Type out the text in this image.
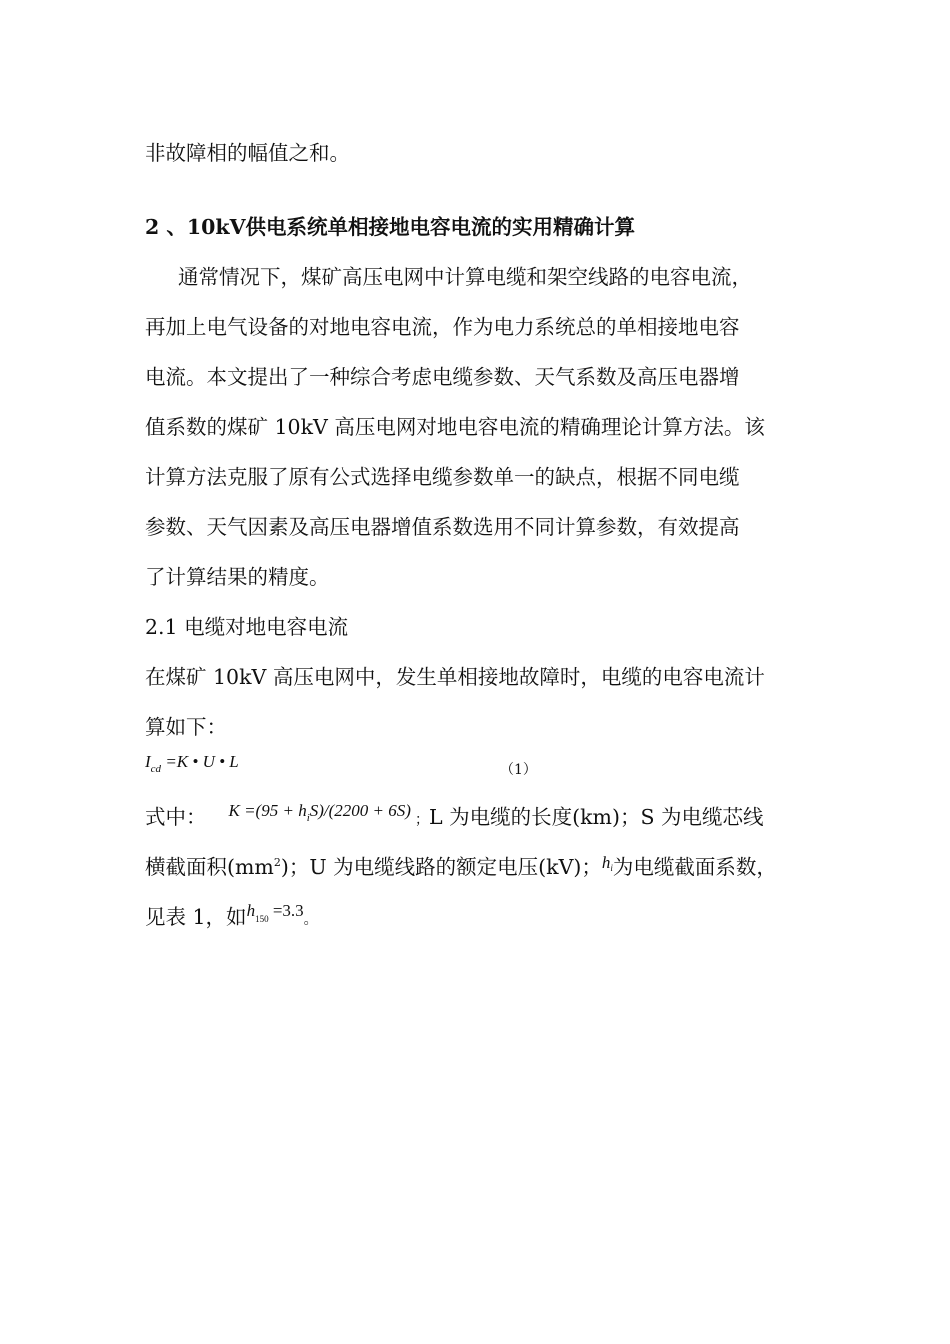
非故障相的幅值之和。
2 、10kV供电系统单相接地电容电流的实用精确计算
通常情况下，煤矿高压电网中计算电缆和架空线路的电容电流，
再加上电气设备的对地电容电流，作为电力系统总的单相接地电容
电流。本文提出了一种综合考虑电缆参数、天气系数及高压电器增
值系数的煤矿 10kV 高压电网对地电容电流的精确理论计算方法。该
计算方法克服了原有公式选择电缆参数单一的缺点，根据不同电缆
参数、天气因素及高压电器增值系数选用不同计算参数，有效提高
了计算结果的精度。
2.1 电缆对地电容电流
在煤矿 10kV 高压电网中，发生单相接地故障时，电缆的电容电流计
算如下：
$I_{cd} =K$ • U • L	（1）
式中： $K =(95 + h_iS)/(2200 + 6S)$ ；L 为电缆的长度(km)；S 为电缆芯线
横截面积$(mm^2)$；U 为电缆线路的额定电压(kV)；$^{hi}$为电缆截面系数，
见表 1，如$^{h_{150} =3.3}$。
